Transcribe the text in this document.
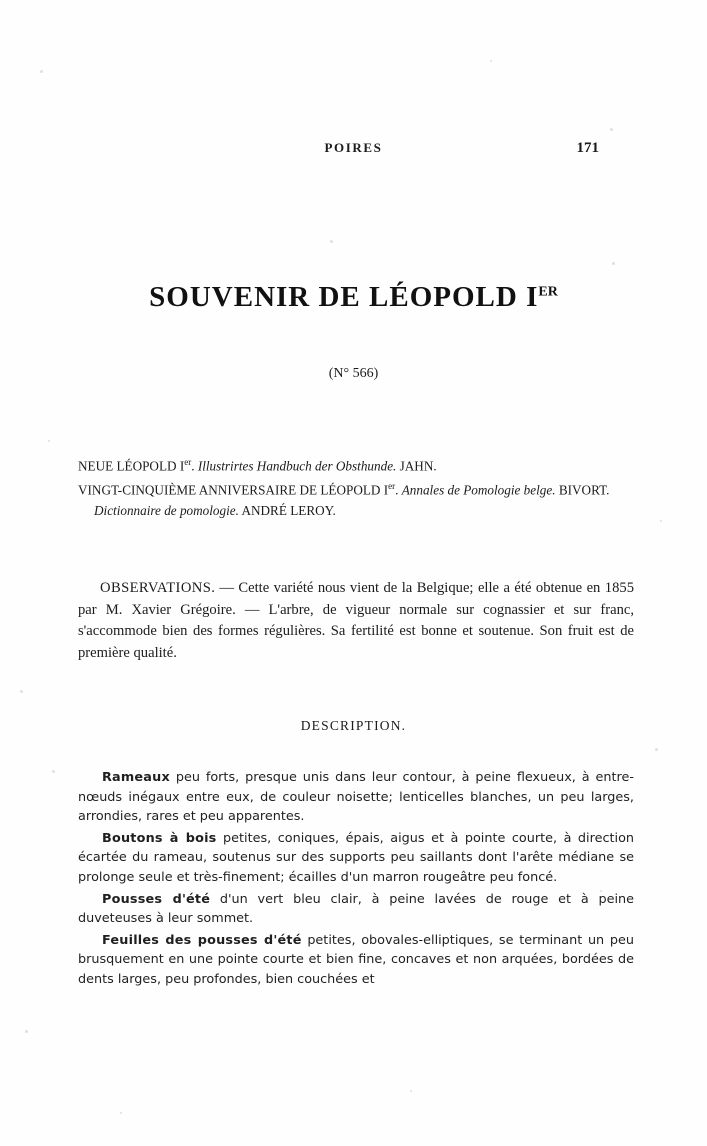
POIRES	171
SOUVENIR DE LÉOPOLD IER
(N° 566)
NEUE LÉOPOLD Ier. Illustrirtes Handbuch der Obsthunde. JAHN.
VINGT-CINQUIÈME ANNIVERSAIRE DE LÉOPOLD Ier. Annales de Pomologie belge. BIVORT.
Dictionnaire de pomologie. ANDRÉ LEROY.
OBSERVATIONS. — Cette variété nous vient de la Belgique; elle a été obtenue en 1855 par M. Xavier Grégoire. — L'arbre, de vigueur normale sur cognassier et sur franc, s'accommode bien des formes régulières. Sa fertilité est bonne et soutenue. Son fruit est de première qualité.
DESCRIPTION.

Rameaux peu forts, presque unis dans leur contour, à peine flexueux, à entre-nœuds inégaux entre eux, de couleur noisette; lenticelles blanches, un peu larges, arrondies, rares et peu apparentes.

Boutons à bois petites, coniques, épais, aigus et à pointe courte, à direction écartée du rameau, soutenus sur des supports peu saillants dont l'arête médiane se prolonge seule et très-finement; écailles d'un marron rougeâtre peu foncé.

Pousses d'été d'un vert bleu clair, à peine lavées de rouge et à peine duveteuses à leur sommet.

Feuilles des pousses d'été petites, obovales-elliptiques, se terminant un peu brusquement en une pointe courte et bien fine, concaves et non arquées, bordées de dents larges, peu profondes, bien couchées et
